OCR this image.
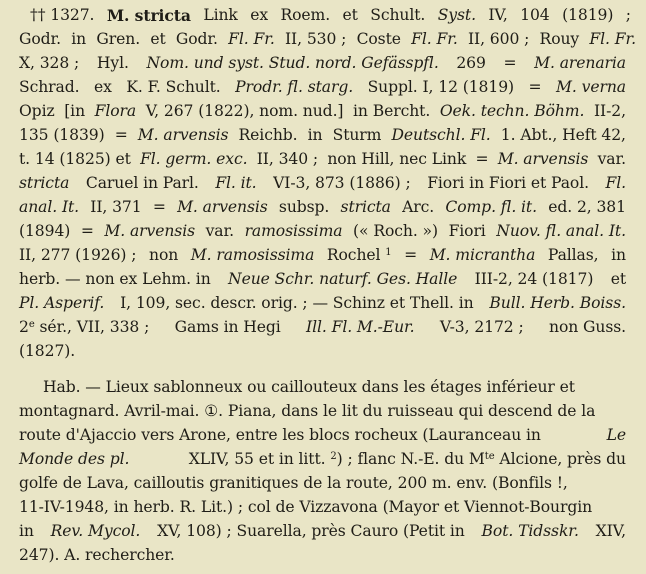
†† 1327. M. stricta Link ex Roem. et Schult. Syst. IV, 104 (1819) ;
Godr. in Gren. et Godr. Fl. Fr. II, 530 ; Coste Fl. Fr. II, 600 ; Rouy Fl. Fr.
X, 328 ; Hyl. Nom. und syst. Stud. nord. Gefässpfl. 269 = M. arenaria
Schrad. ex K. F. Schult. Prodr. fl. starg. Suppl. I, 12 (1819) = M. verna
Opiz [in Flora V, 267 (1822), nom. nud.] in Bercht. Oek. techn. Böhm. II-2,
135 (1839) = M. arvensis Reichb. in Sturm Deutschl. Fl. 1. Abt., Heft 42,
t. 14 (1825) et Fl. germ. exc. II, 340 ; non Hill, nec Link = M. arvensis var.
stricta Caruel in Parl. Fl. it. VI-3, 873 (1886) ; Fiori in Fiori et Paol. Fl.
anal. It. II, 371 = M. arvensis subsp. stricta Arc. Comp. fl. it. ed. 2, 381
(1894) = M. arvensis var. ramosissima (« Roch. ») Fiori Nuov. fl. anal. It.
II, 277 (1926) ; non M. ramosissima Rochel $^1$ = M. micrantha Pallas, in
herb. — non ex Lehm. in Neue Schr. naturf. Ges. Halle III-2, 24 (1817) et
Pl. Asperif. I, 109, sec. descr. orig. ; — Schinz et Thell. in Bull. Herb. Boiss.
2e sér., VII, 338 ; Gams in Hegi Ill. Fl. M.-Eur. V-3, 2172 ; non Guss.
(1827).
Hab. — Lieux sablonneux ou caillouteux dans les étages inférieur et
montagnard. Avril-mai. ①. Piana, dans le lit du ruisseau qui descend de la
route d'Ajaccio vers Arone, entre les blocs rocheux (Lauranceau in	Le
Monde des pl.	XLIV, 55 et in litt. $^2$) ; flanc N.-E. du $M^{te}$ Alcione, près du
golfe de Lava, cailloutis granitiques de la route, 200 m. env. (Bonfils !,
11-IV-1948, in herb. R. Lit.) ; col de Vizzavona (Mayor et Viennot-Bourgin
in Rev. Mycol. XV, 108) ; Suarella, près Cauro (Petit in Bot. Tidsskr. XIV,
247). A. rechercher.
